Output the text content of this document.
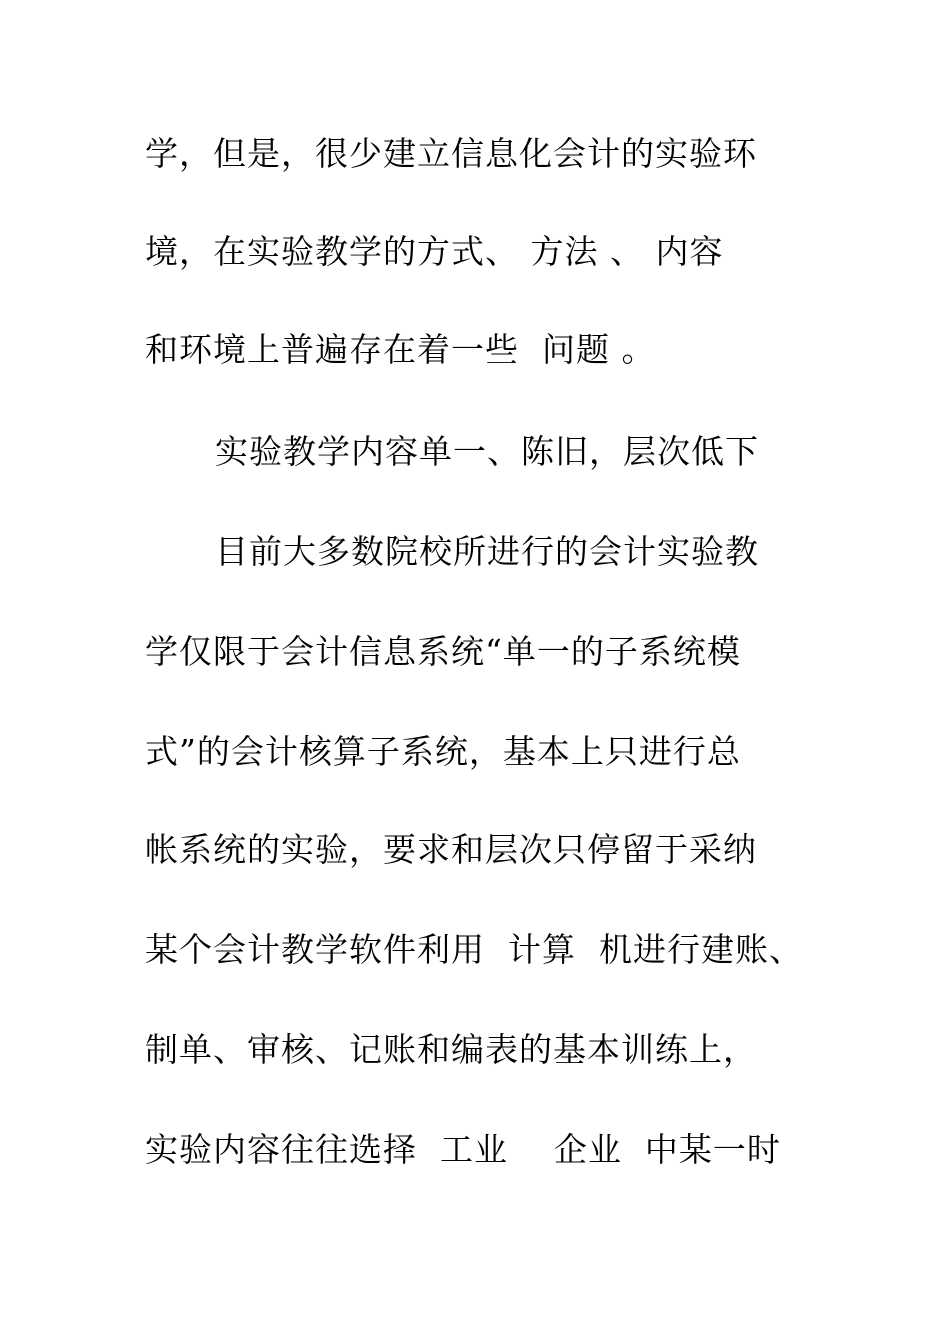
学，但是，很少建立信息化会计的实验环
境，在实验教学的方式、 方法 、 内容
和环境上普遍存在着一些  问题 。
实验教学内容单一、陈旧，层次低下
目前大多数院校所进行的会计实验教
学仅限于会计信息系统“单一的子系统模
式”的会计核算子系统，基本上只进行总
帐系统的实验，要求和层次只停留于采纳
某个会计教学软件利用  计算  机进行建账、
制单、审核、记账和编表的基本训练上，
实验内容往往选择  工业    企业  中某一时
